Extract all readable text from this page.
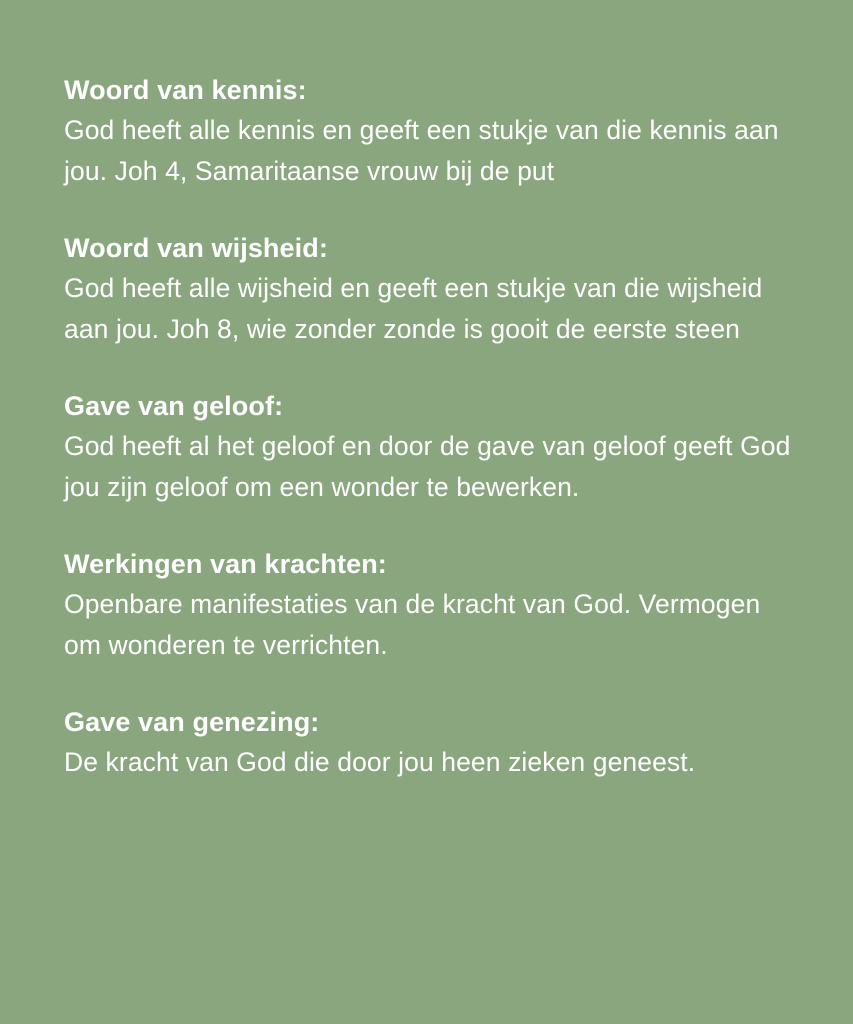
Woord van kennis:

God heeft alle kennis en geeft een stukje van die kennis aan jou. Joh 4, Samaritaanse vrouw bij de put

Woord van wijsheid:

God heeft alle wijsheid en geeft een stukje van die wijsheid aan jou. Joh 8, wie zonder zonde is gooit de eerste steen

Gave van geloof:

God heeft al het geloof en door de gave van geloof geeft God jou zijn geloof om een wonder te bewerken.

Werkingen van krachten:

Openbare manifestaties van de kracht van God. Vermogen om wonderen te verrichten.

Gave van genezing:

De kracht van God die door jou heen zieken geneest.
